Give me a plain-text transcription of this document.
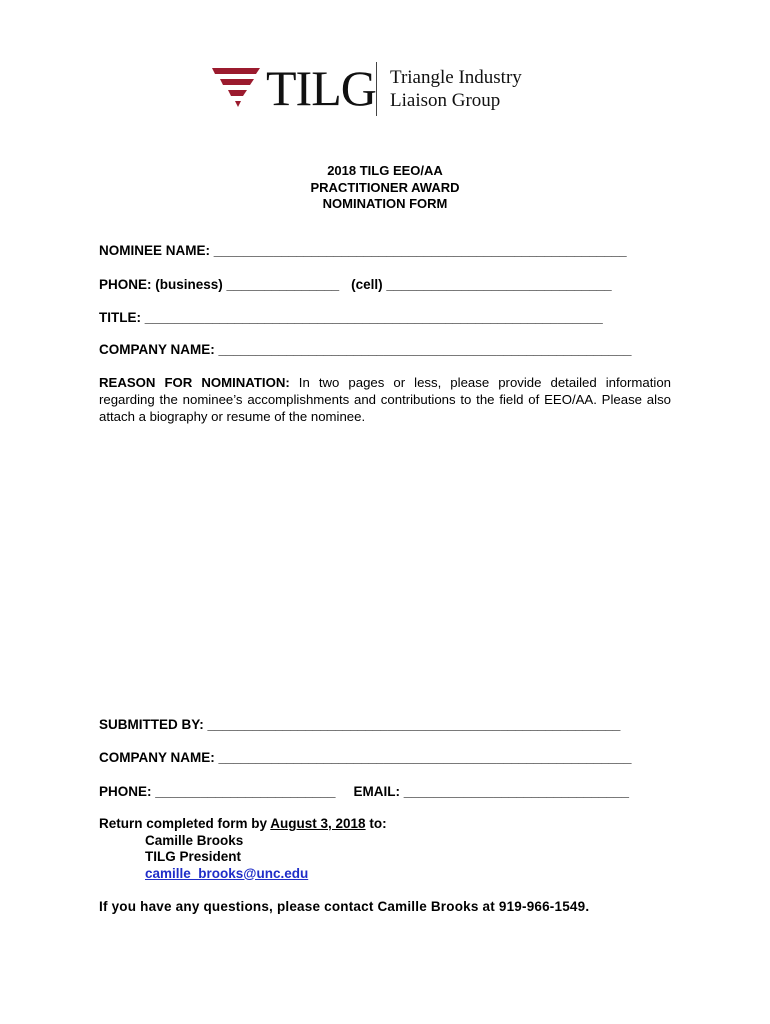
TILG Triangle Industry
Liaison Group
2018 TILG EEO/AA
PRACTITIONER AWARD
NOMINATION FORM
NOMINEE NAME: _______________________________________________________
PHONE: (business) _______________ (cell) ______________________________
TITLE: _____________________________________________________________
COMPANY NAME: _______________________________________________________
REASON FOR NOMINATION: In two pages or less, please provide detailed information regarding the nominee’s accomplishments and contributions to the field of EEO/AA. Please also attach a biography or resume of the nominee.
SUBMITTED BY: _______________________________________________________
COMPANY NAME: _______________________________________________________
PHONE: ________________________ EMAIL: ______________________________
Return completed form by August 3, 2018 to:
Camille Brooks
TILG President
camille_brooks@unc.edu
If you have any questions, please contact Camille Brooks at 919-966-1549.
